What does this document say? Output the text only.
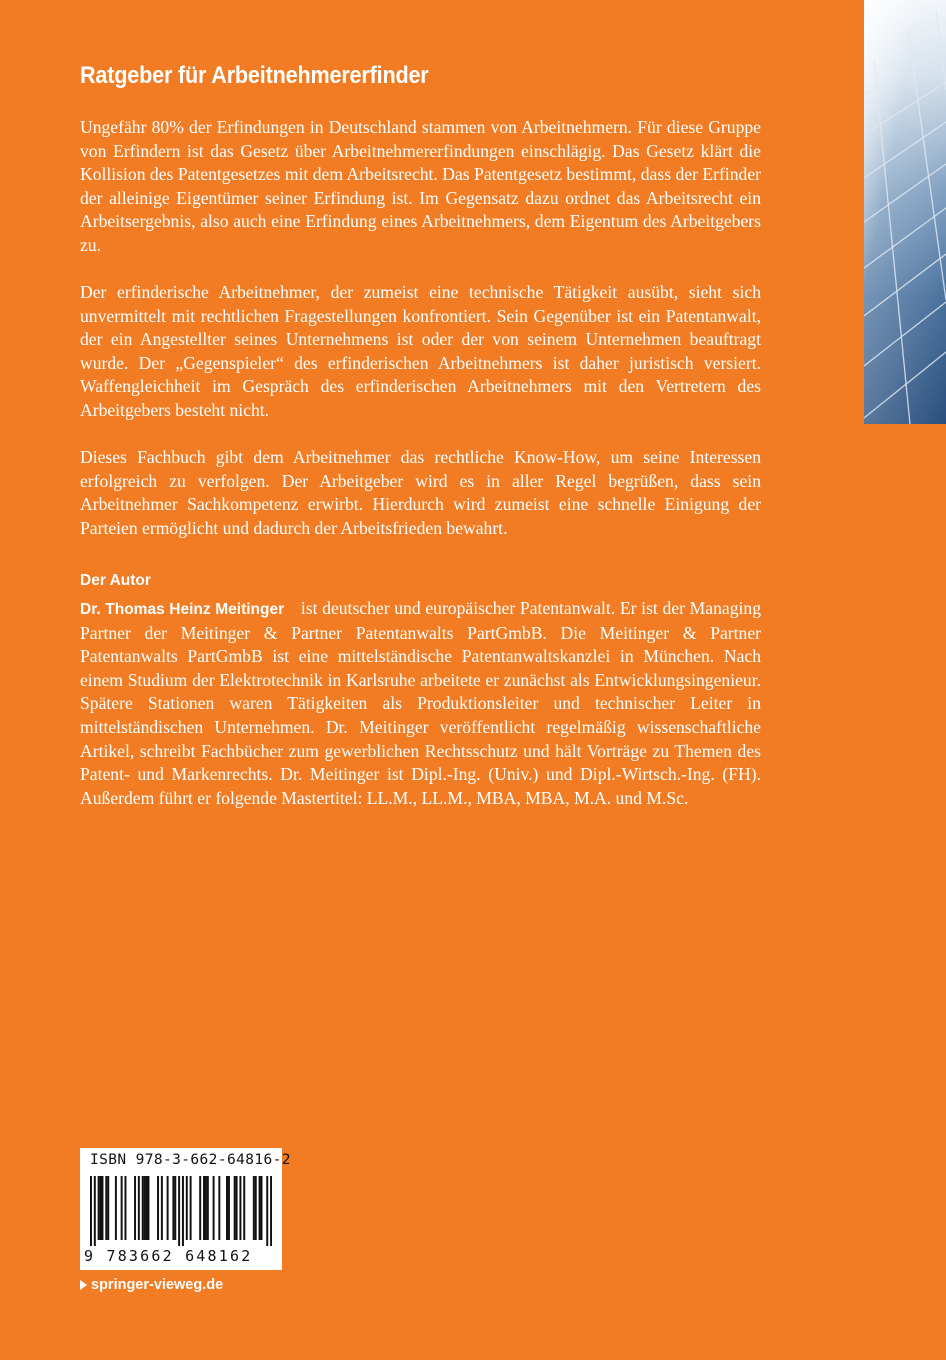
Ratgeber für Arbeitnehmererfinder

Ungefähr 80% der Erfindungen in Deutschland stammen von Arbeitnehmern. Für diese Gruppe von Erfindern ist das Gesetz über Arbeitnehmererfindungen einschlägig. Das Gesetz klärt die Kollision des Patentgesetzes mit dem Arbeitsrecht. Das Patentgesetz bestimmt, dass der Erfinder der alleinige Eigentümer seiner Erfindung ist. Im Gegensatz dazu ordnet das Arbeitsrecht ein Arbeitsergebnis, also auch eine Erfindung eines Arbeitnehmers, dem Eigentum des Arbeitgebers zu.

Der erfinderische Arbeitnehmer, der zumeist eine technische Tätigkeit ausübt, sieht sich unvermittelt mit rechtlichen Fragestellungen konfrontiert. Sein Gegenüber ist ein Patentanwalt, der ein Angestellter seines Unternehmens ist oder der von seinem Unternehmen beauftragt wurde. Der „Gegenspieler“ des erfinderischen Arbeitnehmers ist daher juristisch versiert. Waffengleichheit im Gespräch des erfinderischen Arbeitnehmers mit den Vertretern des Arbeitgebers besteht nicht.

Dieses Fachbuch gibt dem Arbeitnehmer das rechtliche Know-How, um seine Interessen erfolgreich zu verfolgen. Der Arbeitgeber wird es in aller Regel begrüßen, dass sein Arbeitnehmer Sachkompetenz erwirbt. Hierdurch wird zumeist eine schnelle Einigung der Parteien ermöglicht und dadurch der Arbeitsfrieden bewahrt.

Der Autor

Dr. Thomas Heinz Meitinger ist deutscher und europäischer Patentanwalt. Er ist der Managing Partner der Meitinger & Partner Patentanwalts PartGmbB. Die Meitinger & Partner Patentanwalts PartGmbB ist eine mittelständische Patentanwaltskanzlei in München. Nach einem Studium der Elektrotechnik in Karlsruhe arbeitete er zunächst als Entwicklungsingenieur. Spätere Stationen waren Tätigkeiten als Produktionsleiter und technischer Leiter in mittelständischen Unternehmen. Dr. Meitinger veröffentlicht regelmäßig wissenschaftliche Artikel, schreibt Fachbücher zum gewerblichen Rechtsschutz und hält Vorträge zu Themen des Patent- und Markenrechts. Dr. Meitinger ist Dipl.-Ing. (Univ.) und Dipl.-Wirtsch.-Ing. (FH). Außerdem führt er folgende Mastertitel: LL.M., LL.M., MBA, MBA, M.A. und M.Sc.

ISBN 978-3-662-64816-2
9 783662 648162
springer-vieweg.de
